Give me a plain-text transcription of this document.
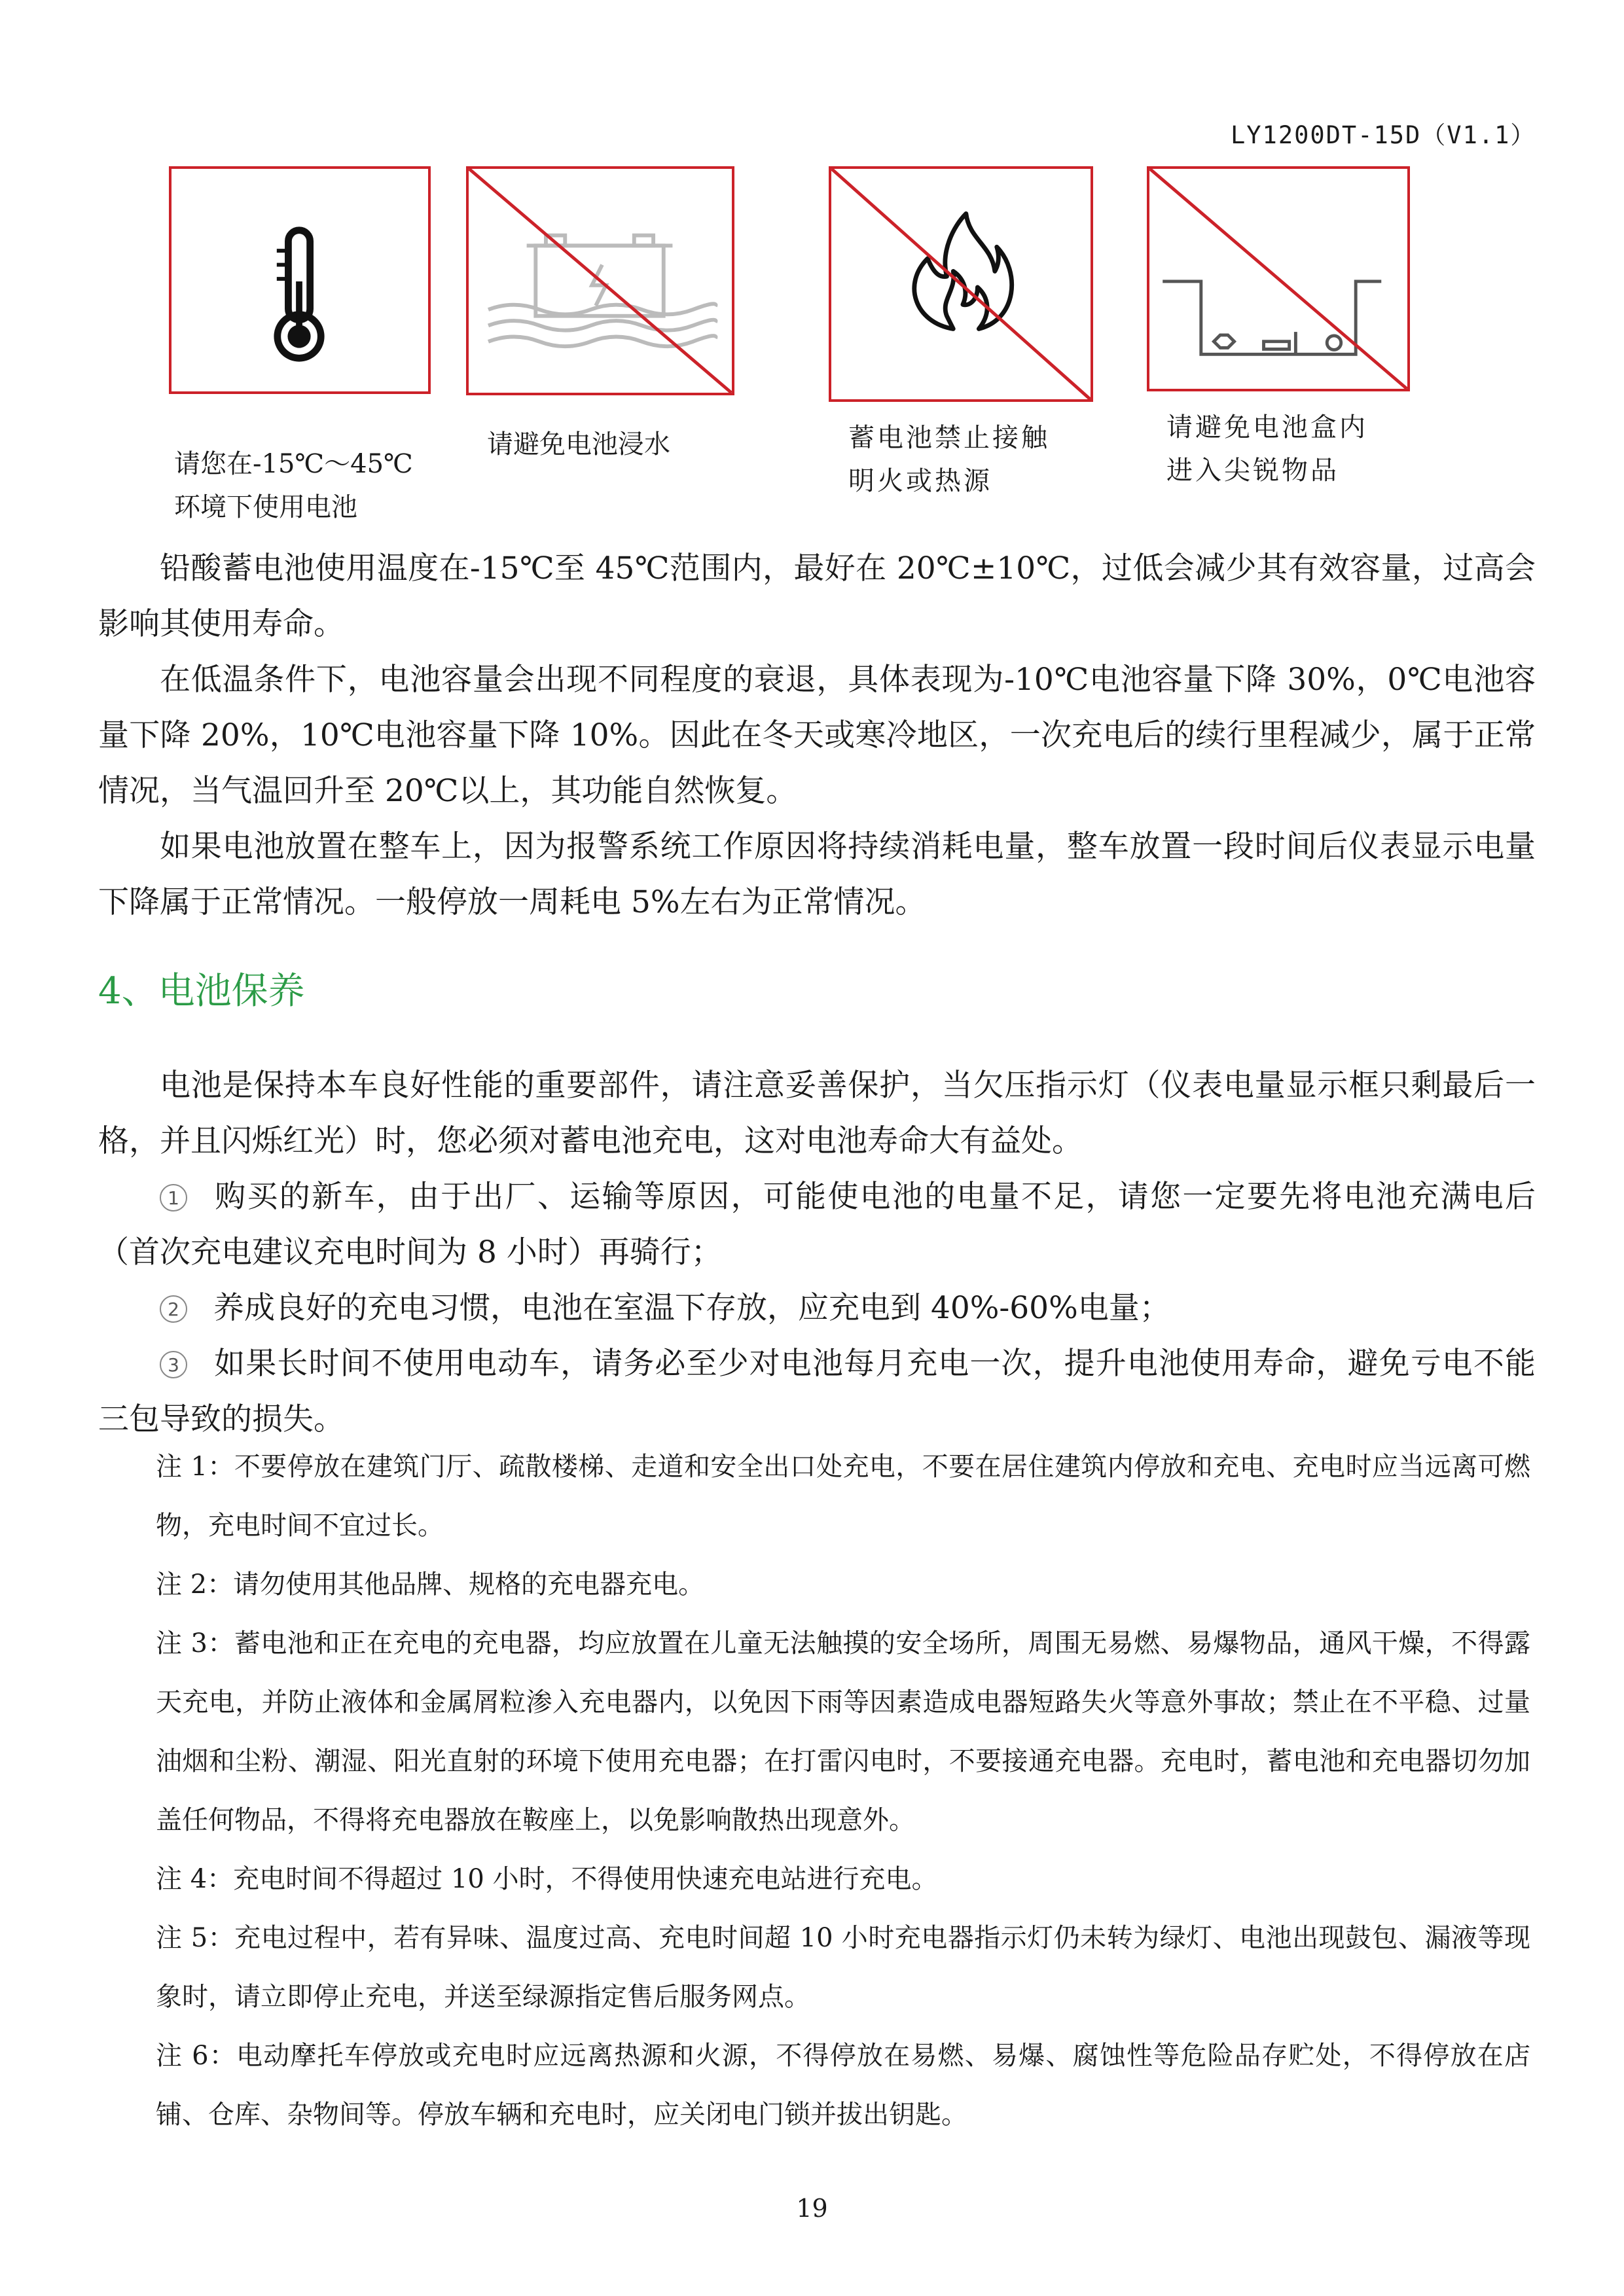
LY1200DT-15D（V1.1）
请您在-15℃～45℃
环境下使用电池
请避免电池浸水	蓄电池禁止接触
明火或热源
请避免电池盒内
进入尖锐物品

铅酸蓄电池使用温度在-15℃至 45℃范围内，最好在 20℃±10℃，过低会减少其有效容量，过高会影响其使用寿命。

在低温条件下，电池容量会出现不同程度的衰退，具体表现为-10℃电池容量下降 30%，0℃电池容量下降 20%，10℃电池容量下降 10%。因此在冬天或寒冷地区，一次充电后的续行里程减少，属于正常情况，当气温回升至 20℃以上，其功能自然恢复。

如果电池放置在整车上，因为报警系统工作原因将持续消耗电量，整车放置一段时间后仪表显示电量下降属于正常情况。一般停放一周耗电 5%左右为正常情况。

4、电池保养

电池是保持本车良好性能的重要部件，请注意妥善保护，当欠压指示灯（仪表电量显示框只剩最后一格，并且闪烁红光）时，您必须对蓄电池充电，这对电池寿命大有益处。

1 购买的新车，由于出厂、运输等原因，可能使电池的电量不足，请您一定要先将电池充满电后（首次充电建议充电时间为 8 小时）再骑行；

2 养成良好的充电习惯，电池在室温下存放，应充电到 40%-60%电量；

3 如果长时间不使用电动车，请务必至少对电池每月充电一次，提升电池使用寿命，避免亏电不能三包导致的损失。

注 1：不要停放在建筑门厅、疏散楼梯、走道和安全出口处充电，不要在居住建筑内停放和充电、充电时应当远离可燃物，充电时间不宜过长。

注 2：请勿使用其他品牌、规格的充电器充电。

注 3：蓄电池和正在充电的充电器，均应放置在儿童无法触摸的安全场所，周围无易燃、易爆物品，通风干燥，不得露天充电，并防止液体和金属屑粒渗入充电器内，以免因下雨等因素造成电器短路失火等意外事故；禁止在不平稳、过量油烟和尘粉、潮湿、阳光直射的环境下使用充电器；在打雷闪电时，不要接通充电器。充电时，蓄电池和充电器切勿加盖任何物品，不得将充电器放在鞍座上，以免影响散热出现意外。

注 4：充电时间不得超过 10 小时，不得使用快速充电站进行充电。

注 5：充电过程中，若有异味、温度过高、充电时间超 10 小时充电器指示灯仍未转为绿灯、电池出现鼓包、漏液等现象时，请立即停止充电，并送至绿源指定售后服务网点。

注 6：电动摩托车停放或充电时应远离热源和火源，不得停放在易燃、易爆、腐蚀性等危险品存贮处，不得停放在店铺、仓库、杂物间等。停放车辆和充电时，应关闭电门锁并拔出钥匙。

19
